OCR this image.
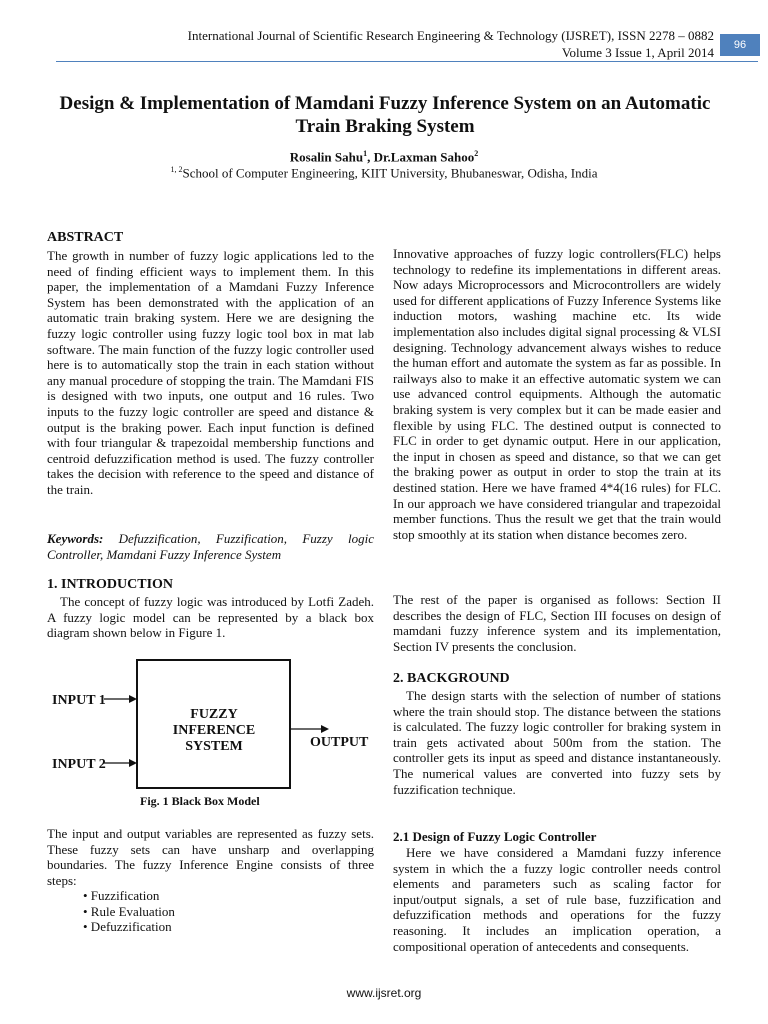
International Journal of Scientific Research Engineering & Technology (IJSRET), ISSN 2278 – 0882
Volume 3 Issue 1, April 2014	96
Design & Implementation of Mamdani Fuzzy Inference System on an Automatic Train Braking System
Rosalin Sahu$^1$, Dr.Laxman Sahoo$^2$
$^{1, 2}$School of Computer Engineering, KIIT University, Bhubaneswar, Odisha, India
ABSTRACT
The growth in number of fuzzy logic applications led to the need of finding efficient ways to implement them. In this paper, the implementation of a Mamdani Fuzzy Inference System has been demonstrated with the application of an automatic train braking system. Here we are designing the fuzzy logic controller using fuzzy logic tool box in mat lab software. The main function of the fuzzy logic controller used here is to automatically stop the train in each station without any manual procedure of stopping the train. The Mamdani FIS is designed with two inputs, one output and 16 rules. Two inputs to the fuzzy logic controller are speed and distance & output is the braking power. Each input function is defined with four triangular & trapezoidal membership functions and centroid defuzzification method is used. The fuzzy controller takes the decision with reference to the speed and distance of the train.
Keywords: Defuzzification, Fuzzification, Fuzzy logic Controller, Mamdani Fuzzy Inference System
1. INTRODUCTION

The concept of fuzzy logic was introduced by Lotfi Zadeh. A fuzzy logic model can be represented by a black box diagram shown below in Figure 1.

INPUT 1
INPUT 2
FUZZY
INFERENCE
SYSTEM	OUTPUT
Fig. 1 Black Box Model
The input and output variables are represented as fuzzy sets. These fuzzy sets can have unsharp and overlapping boundaries. The fuzzy Inference Engine consists of three steps:
• Fuzzification
• Rule Evaluation
• Defuzzification
Innovative approaches of fuzzy logic controllers(FLC) helps technology to redefine its implementations in different areas. Now adays Microprocessors and Microcontrollers are widely used for different applications of Fuzzy Inference Systems like induction motors, washing machine etc. Its wide implementation also includes digital signal processing & VLSI designing. Technology advancement always wishes to reduce the human effort and automate the system as far as possible. In railways also to make it an effective automatic system we can use advanced control equipments. Although the automatic braking system is very complex but it can be made easier and flexible by using FLC. The destined output is connected to FLC in order to get dynamic output. Here in our application, the input in chosen as speed and distance, so that we can get the braking power as output in order to stop the train at its destined station. Here we have framed 4*4(16 rules) for FLC. In our approach we have considered triangular and trapezoidal member functions. Thus the result we get that the train would stop smoothly at its station when distance becomes zero.
The rest of the paper is organised as follows: Section II describes the design of FLC, Section III focuses on design of mamdani fuzzy inference system and its implementation, Section IV presents the conclusion.
2. BACKGROUND

The design starts with the selection of number of stations where the train should stop. The distance between the stations is calculated. The fuzzy logic controller for braking system in train gets activated about 500m from the station. The controller gets its input as speed and distance instantaneously. The numerical values are converted into fuzzy sets by fuzzification technique.

2.1 Design of Fuzzy Logic Controller

Here we have considered a Mamdani fuzzy inference system in which the a fuzzy logic controller needs control elements and parameters such as scaling factor for input/output signals, a set of rule base, fuzzification and defuzzification methods and operations for the fuzzy reasoning. It includes an implication operation, a compositional operation of antecedents and consequents.

www.ijsret.org
